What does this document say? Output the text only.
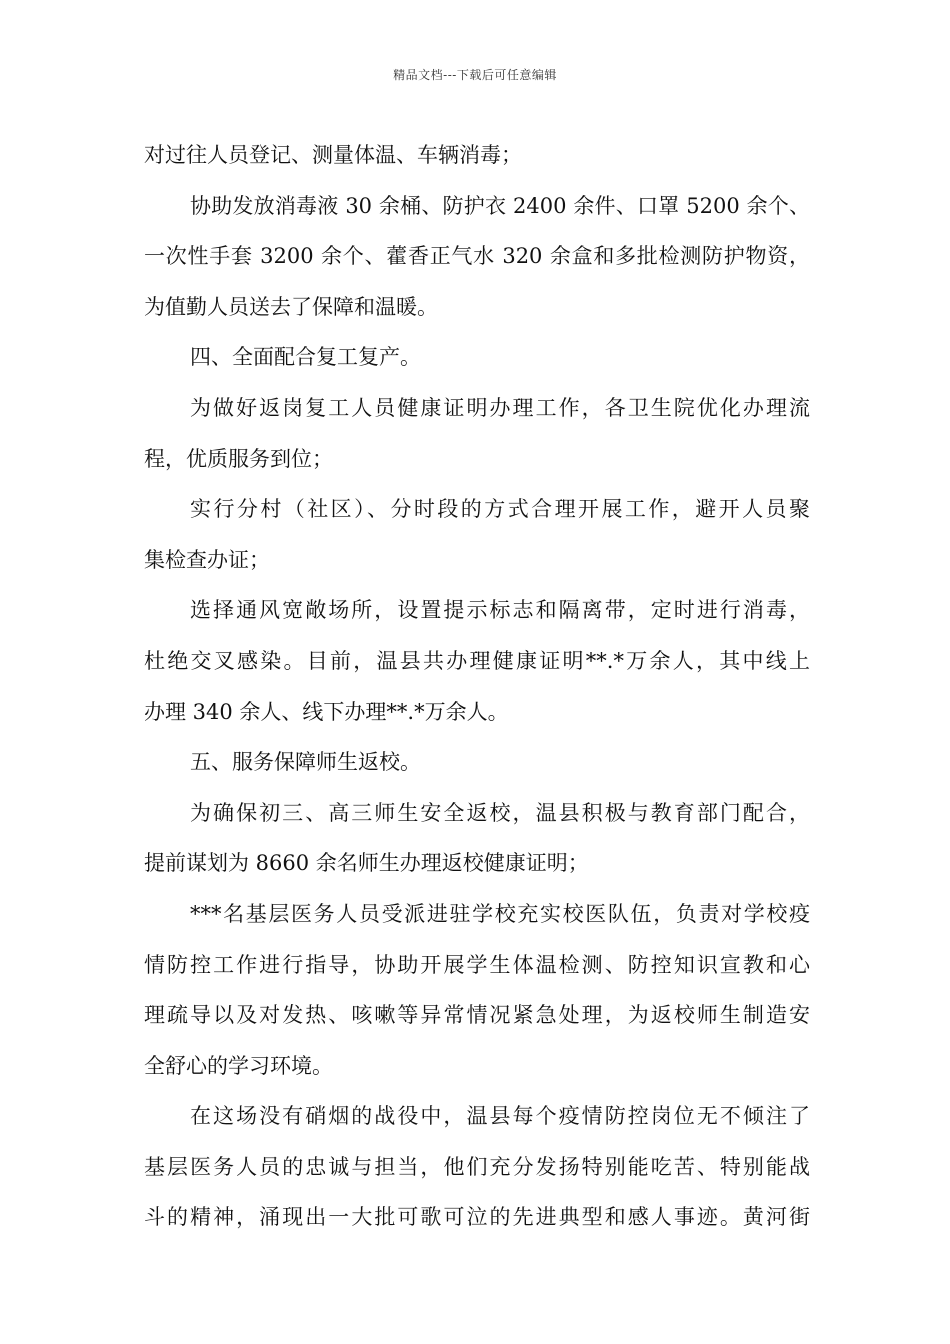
精品文档---下载后可任意编辑
对过往人员登记、测量体温、车辆消毒；
协助发放消毒液 30 余桶、防护衣 2400 余件、口罩 5200 余个、
一次性手套 3200 余个、藿香正气水 320 余盒和多批检测防护物资，
为值勤人员送去了保障和温暖。
四、全面配合复工复产。
为做好返岗复工人员健康证明办理工作，各卫生院优化办理流
程，优质服务到位；
实行分村（社区）、分时段的方式合理开展工作，避开人员聚
集检查办证；
选择通风宽敞场所，设置提示标志和隔离带，定时进行消毒，
杜绝交叉感染。目前，温县共办理健康证明**.*万余人，其中线上
办理 340 余人、线下办理**.*万余人。
五、服务保障师生返校。
为确保初三、高三师生安全返校，温县积极与教育部门配合，
提前谋划为 8660 余名师生办理返校健康证明；
***名基层医务人员受派进驻学校充实校医队伍，负责对学校疫
情防控工作进行指导，协助开展学生体温检测、防控知识宣教和心
理疏导以及对发热、咳嗽等异常情况紧急处理，为返校师生制造安
全舒心的学习环境。
在这场没有硝烟的战役中，温县每个疫情防控岗位无不倾注了
基层医务人员的忠诚与担当，他们充分发扬特别能吃苦、特别能战
斗的精神，涌现出一大批可歌可泣的先进典型和感人事迹。黄河街
